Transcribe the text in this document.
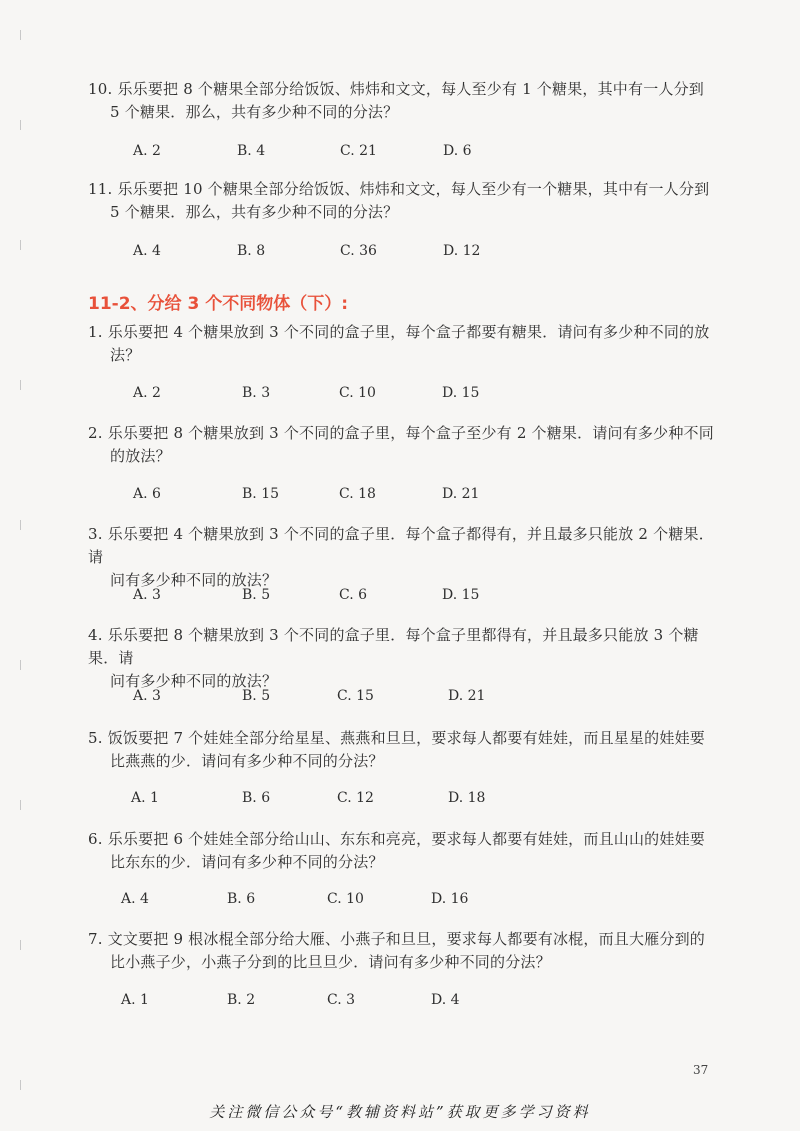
10. 乐乐要把 8 个糖果全部分给饭饭、炜炜和文文，每人至少有 1 个糖果，其中有一人分到
5 个糖果．那么，共有多少种不同的分法？
A. 2	B. 4	C. 21	D. 6
11. 乐乐要把 10 个糖果全部分给饭饭、炜炜和文文，每人至少有一个糖果，其中有一人分到
5 个糖果．那么，共有多少种不同的分法？
A. 4	B. 8	C. 36	D. 12
11-2、分给 3 个不同物体（下）:
1. 乐乐要把 4 个糖果放到 3 个不同的盒子里，每个盒子都要有糖果．请问有多少种不同的放
法？
A. 2	B. 3	C. 10	D. 15
2. 乐乐要把 8 个糖果放到 3 个不同的盒子里，每个盒子至少有 2 个糖果．请问有多少种不同
的放法？
A. 6	B. 15	C. 18	D. 21
3. 乐乐要把 4 个糖果放到 3 个不同的盒子里．每个盒子都得有，并且最多只能放 2 个糖果．请
问有多少种不同的放法？
A. 3	B. 5	C. 6	D. 15
4. 乐乐要把 8 个糖果放到 3 个不同的盒子里．每个盒子里都得有，并且最多只能放 3 个糖果．请
问有多少种不同的放法？
A. 3	B. 5	C. 15	D. 21
5. 饭饭要把 7 个娃娃全部分给星星、燕燕和旦旦，要求每人都要有娃娃，而且星星的娃娃要
比燕燕的少．请问有多少种不同的分法？
A. 1	B. 6	C. 12	D. 18
6. 乐乐要把 6 个娃娃全部分给山山、东东和亮亮，要求每人都要有娃娃，而且山山的娃娃要
比东东的少．请问有多少种不同的分法？
A. 4	B. 6	C. 10	D. 16
7. 文文要把 9 根冰棍全部分给大雁、小燕子和旦旦，要求每人都要有冰棍，而且大雁分到的
比小燕子少，小燕子分到的比旦旦少．请问有多少种不同的分法？
A. 1	B. 2	C. 3	D. 4
37
关注微信公众号“教辅资料站”获取更多学习资料
